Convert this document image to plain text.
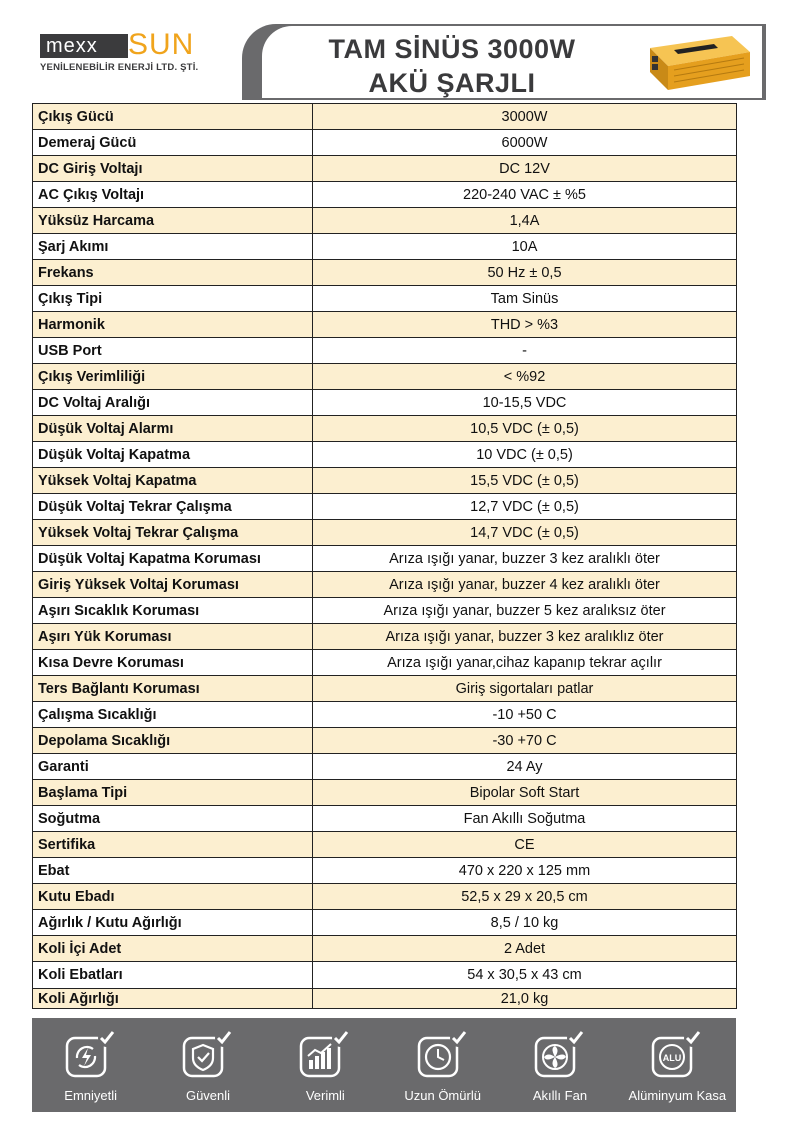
mexx SUN
YENİLENEBİLİR ENERJİ LTD. ŞTİ.
TAM SİNÜS 3000W
AKÜ ŞARJLI
Çıkış Gücü	3000W
Demeraj Gücü	6000W
DC Giriş Voltajı	DC 12V
AC Çıkış Voltajı	220-240 VAC ± %5
Yüksüz Harcama	1,4A
Şarj Akımı	10A
Frekans	50 Hz ± 0,5
Çıkış Tipi	Tam Sinüs
Harmonik	THD > %3
USB Port	-
Çıkış Verimliliği	< %92
DC Voltaj Aralığı	10-15,5 VDC
Düşük Voltaj Alarmı	10,5 VDC (± 0,5)
Düşük Voltaj Kapatma	10 VDC (± 0,5)
Yüksek Voltaj Kapatma	15,5 VDC (± 0,5)
Düşük Voltaj Tekrar Çalışma	12,7 VDC (± 0,5)
Yüksek Voltaj Tekrar Çalışma	14,7 VDC (± 0,5)
Düşük Voltaj Kapatma Koruması	Arıza ışığı yanar, buzzer 3 kez aralıklı öter
Giriş Yüksek Voltaj Koruması	Arıza ışığı yanar, buzzer 4 kez aralıklı öter
Aşırı Sıcaklık Koruması	Arıza ışığı yanar, buzzer 5 kez aralıksız öter
Aşırı Yük Koruması	Arıza ışığı yanar, buzzer 3 kez aralıklız öter
Kısa Devre Koruması	Arıza ışığı yanar,cihaz kapanıp tekrar açılır
Ters Bağlantı Koruması	Giriş sigortaları patlar
Çalışma Sıcaklığı	-10 +50 C
Depolama Sıcaklığı	-30 +70 C
Garanti	24 Ay
Başlama Tipi	Bipolar Soft Start
Soğutma	Fan Akıllı Soğutma
Sertifika	CE
Ebat	470 x 220 x 125 mm
Kutu Ebadı	52,5 x 29 x 20,5 cm
Ağırlık / Kutu Ağırlığı	8,5 / 10 kg
Koli İçi Adet	2 Adet
Koli Ebatları	54 x 30,5 x 43 cm
Koli Ağırlığı	21,0 kg
Emniyetli	Güvenli	Verimli	Uzun Ömürlü	Akıllı Fan
ALU
Alüminyum Kasa
